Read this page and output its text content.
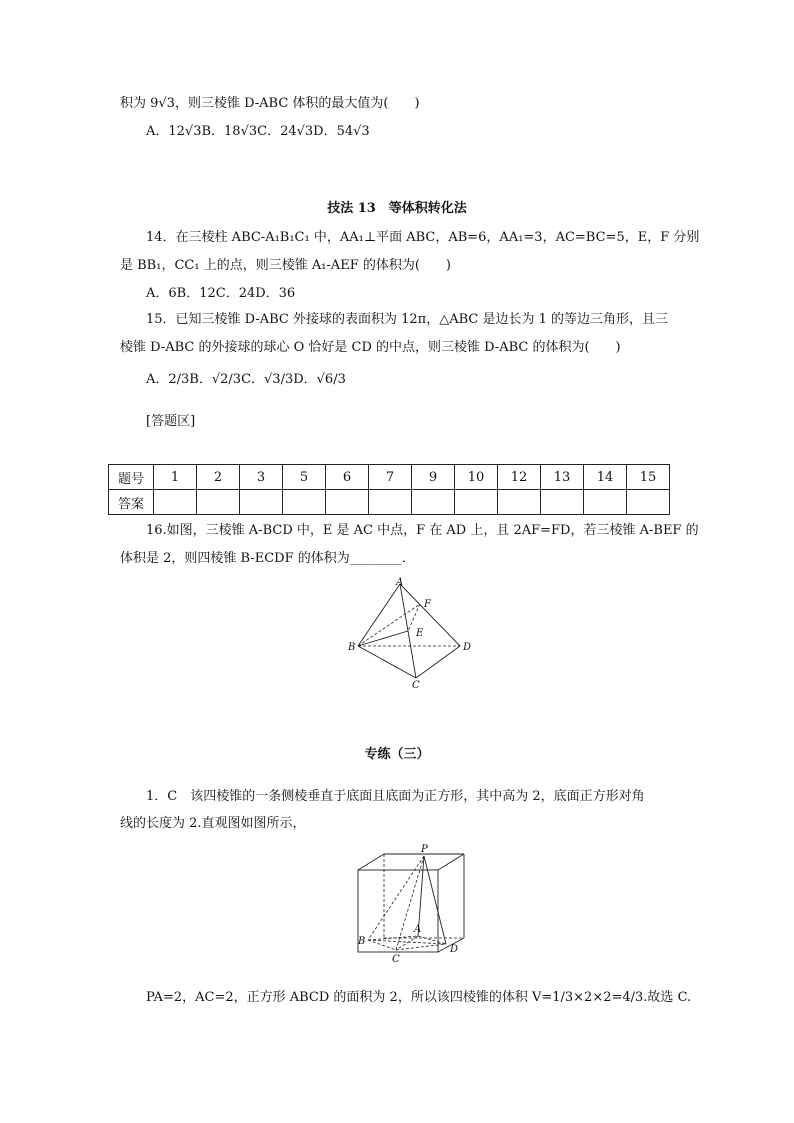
积为 9√3，则三棱锥 D-ABC 体积的最大值为(　　)
A．12√3B．18√3C．24√3D．54√3
技法 13　等体积转化法
14．在三棱柱 ABC-A₁B₁C₁ 中，AA₁⊥平面 ABC，AB=6，AA₁=3，AC=BC=5，E，F 分别
是 BB₁，CC₁ 上的点，则三棱锥 A₁-AEF 的体积为(　　)
A．6B．12C．24D．36
15．已知三棱锥 D-ABC 外接球的表面积为 12π，△ABC 是边长为 1 的等边三角形，且三
棱锥 D-ABC 的外接球的球心 O 恰好是 CD 的中点，则三棱锥 D-ABC 的体积为(　　)
A．2/3B．√2/3C．√3/3D．√6/3
[答题区]
题号	1	2	3	5	6	7	9	10	12	13	14	15
答案												
16.如图，三棱锥 A-BCD 中，E 是 AC 中点，F 在 AD 上，且 2AF=FD，若三棱锥 A-BEF 的
体积是 2，则四棱锥 B-ECDF 的体积为________．
A
B
C
D
E
F
专练（三）
1．C　该四棱锥的一条侧棱垂直于底面且底面为正方形，其中高为 2，底面正方形对角
线的长度为 2.直观图如图所示，
P
A
B
C
D
PA=2，AC=2，正方形 ABCD 的面积为 2，所以该四棱锥的体积 V=1/3×2×2=4/3.故选 C.
